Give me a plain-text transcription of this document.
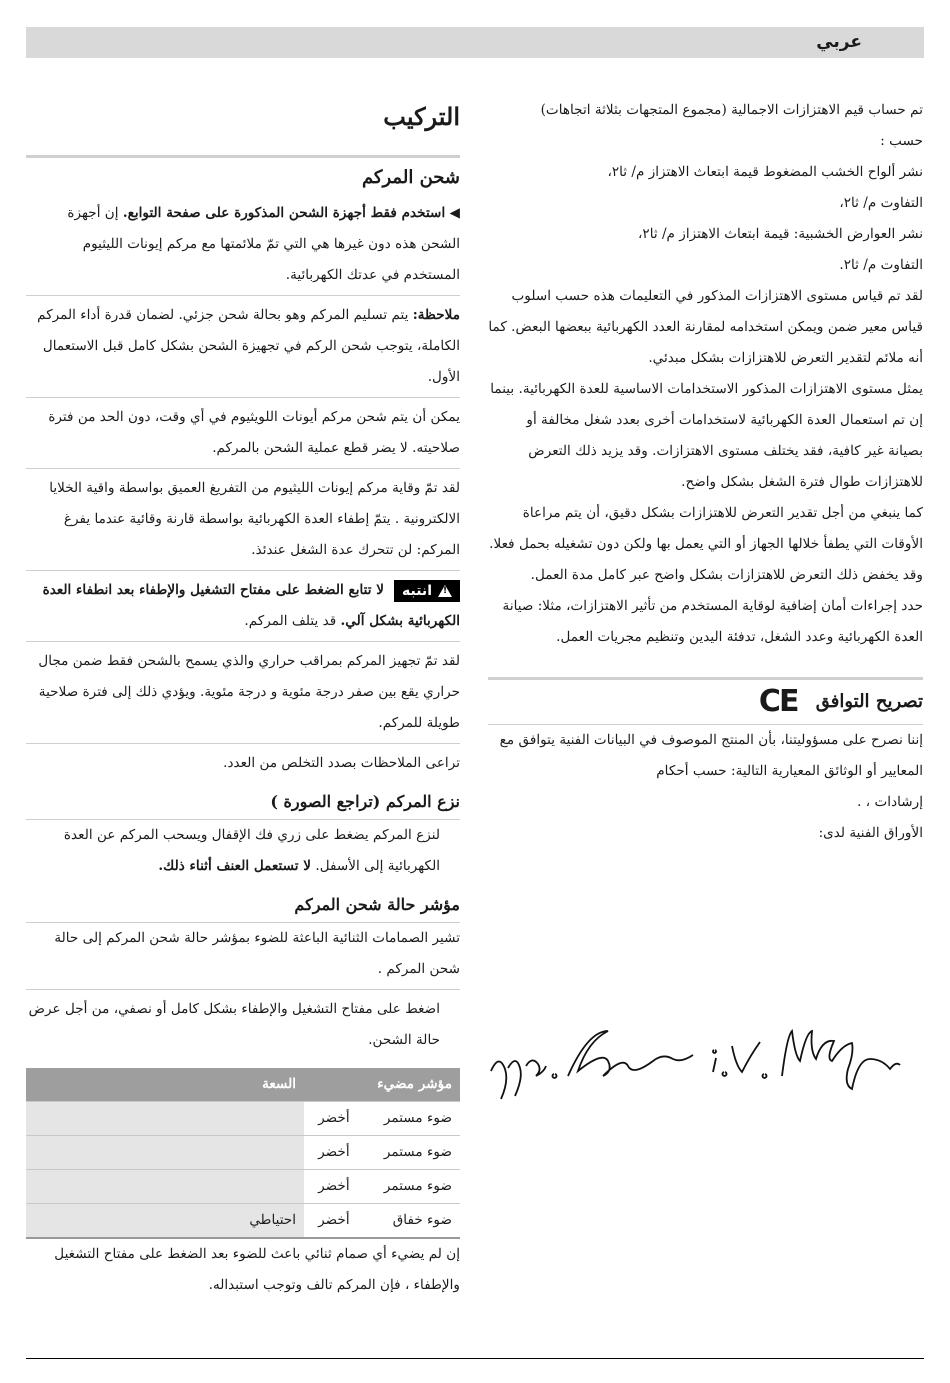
عربي

تم حساب قيم الاهتزازات الاجمالية (مجموع المتجهات بثلاثة اتجاهات)

حسب :

نشر ألواح الخشب المضغوط قيمة ابتعاث الاهتزاز م/ ثا٢،

التفاوت م/ ثا٢،

نشر العوارض الخشبية: قيمة ابتعاث الاهتزاز م/ ثا٢،

التفاوت م/ ثا٢.

لقد تم قياس مستوى الاهتزازات المذكور في التعليمات هذه حسب اسلوب قياس معير ضمن ويمكن استخدامه لمقارنة العدد الكهربائية ببعضها البعض. كما أنه ملائم لتقدير التعرض للاهتزازات بشكل مبدئي.

يمثل مستوى الاهتزازات المذكور الاستخدامات الاساسية للعدة الكهربائية. بينما إن تم استعمال العدة الكهربائية لاستخدامات أخرى بعدد شغل مخالفة أو بصيانة غير كافية، فقد يختلف مستوى الاهتزازات. وقد يزيد ذلك التعرض للاهتزازات طوال فترة الشغل بشكل واضح.

كما ينبغي من أجل تقدير التعرض للاهتزازات بشكل دقيق، أن يتم مراعاة الأوقات التي يطفأ خلالها الجهاز أو التي يعمل بها ولكن دون تشغيله بحمل فعلا. وقد يخفض ذلك التعرض للاهتزازات بشكل واضح عبر كامل مدة العمل.

حدد إجراءات أمان إضافية لوقاية المستخدم من تأثير الاهتزازات، مثلا: صيانة العدة الكهربائية وعدد الشغل، تدفئة اليدين وتنظيم مجريات العمل.

تصريح التوافق CE

إننا نصرح على مسؤوليتنا، بأن المنتج الموصوف في البيانات الفنية يتوافق مع المعايير أو الوثائق المعيارية التالية: حسب أحكام

إرشادات ، .

الأوراق الفنية لدى:

التركيب
شحن المركم

◀ استخدم فقط أجهزة الشحن المذكورة على صفحة التوابع. إن أجهزة الشحن هذه دون غيرها هي التي تمّ ملائمتها مع مركم إيونات الليثيوم المستخدم في عدتك الكهربائية.

ملاحظة: يتم تسليم المركم وهو بحالة شحن جزئي. لضمان قدرة أداء المركم الكاملة، يتوجب شحن الركم في تجهيزة الشحن بشكل كامل قبل الاستعمال الأول.

يمكن أن يتم شحن مركم أيونات اللويثيوم في أي وقت، دون الحد من فترة صلاحيته. لا يضر قطع عملية الشحن بالمركم.

لقد تمّ وقاية مركم إيونات الليثيوم من التفريغ العميق بواسطة واقية الخلايا الالكترونية . يتمّ إطفاء العدة الكهربائية بواسطة قارنة وقائية عندما يفرغ المركم: لن تتحرك عدة الشغل عندئذ.

!انتبهلا تتابع الضغط على مفتاح التشغيل والإطفاء بعد انطفاء العدة الكهربائية بشكل آلي. قد يتلف المركم.

لقد تمّ تجهيز المركم بمراقب حراري والذي يسمح بالشحن فقط ضمن مجال حراري يقع بين صفر درجة مئوية و درجة مئوية. ويؤدي ذلك إلى فترة صلاحية طويلة للمركم.

تراعى الملاحظات بصدد التخلص من العدد.

نزع المركم (تراجع الصورة )

لنزع المركم يضغط على زري فك الإقفال ويسحب المركم عن العدة الكهربائية إلى الأسفل. لا تستعمل العنف أثناء ذلك.

مؤشر حالة شحن المركم

تشير الصمامات الثنائية الباعثة للضوء بمؤشر حالة شحن المركم إلى حالة شحن المركم .

اضغط على مفتاح التشغيل والإطفاء بشكل كامل أو نصفي، من أجل عرض حالة الشحن.

مؤشر مضيء		السعة
ضوء مستمر	أخضر	
ضوء مستمر	أخضر	
ضوء مستمر	أخضر	
ضوء خفاق	أخضر	احتياطي

إن لم يضيء أي صمام ثنائي باعث للضوء بعد الضغط على مفتاح التشغيل والإطفاء ، فإن المركم تالف وتوجب استبداله.
